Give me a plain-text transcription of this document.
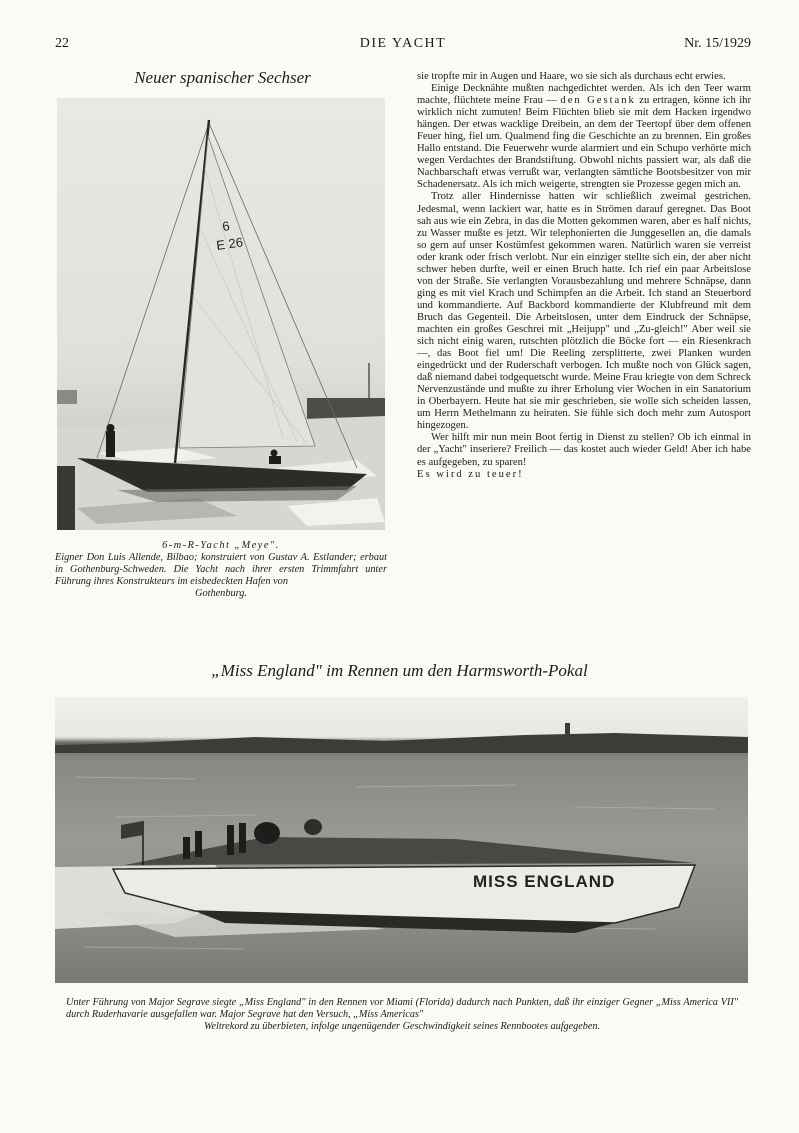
22	DIE YACHT	Nr. 15/1929
Neuer spanischer Sechser
6
E 26
6-m-R-Yacht „Meye".
Eigner Don Luis Allende, Bilbao; konstruiert von Gustav A. Estlander; erbaut in Gothenburg-Schweden. Die Yacht nach ihrer ersten Trimmfahrt unter Führung ihres Konstrukteurs im eisbedeckten Hafen von
Gothenburg.

sie tropfte mir in Augen und Haare, wo sie sich als durchaus echt erwies.

Einige Decknähte mußten nachgedichtet werden. Als ich den Teer warm machte, flüchtete meine Frau — den Gestank zu ertragen, könne ich ihr wirklich nicht zumuten! Beim Flüchten blieb sie mit dem Hacken irgendwo hängen. Der etwas wacklige Dreibein, an dem der Teertopf über dem offenen Feuer hing, fiel um. Qualmend fing die Geschichte an zu brennen. Ein großes Hallo entstand. Die Feuerwehr wurde alarmiert und ein Schupo verhörte mich wegen Verdachtes der Brandstiftung. Obwohl nichts passiert war, als daß die Nachbarschaft etwas verrußt war, verlangten sämtliche Bootsbesitzer von mir Schadenersatz. Als ich mich weigerte, strengten sie Prozesse gegen mich an.

Trotz aller Hindernisse hatten wir schließlich zweimal gestrichen. Jedesmal, wenn lackiert war, hatte es in Strömen darauf geregnet. Das Boot sah aus wie ein Zebra, in das die Motten gekommen waren, aber es half nichts, zu Wasser mußte es jetzt. Wir telephonierten die Junggesellen an, die damals so gern auf unser Kostümfest gekommen waren. Natürlich waren sie verreist oder krank oder frisch verlobt. Nur ein einziger stellte sich ein, der aber nicht schwer heben durfte, weil er einen Bruch hatte. Ich rief ein paar Arbeitslose von der Straße. Sie verlangten Vorausbezahlung und mehrere Schnäpse, dann ging es mit viel Krach und Schimpfen an die Arbeit. Ich stand an Steuerbord und kommandierte. Auf Backbord kommandierte der Klubfreund mit dem Bruch das Gegenteil. Die Arbeitslosen, unter dem Eindruck der Schnäpse, machten ein großes Geschrei mit „Heijupp" und „Zu-gleich!" Aber weil sie sich nicht einig waren, rutschten plötzlich die Böcke fort — ein Riesenkrach —, das Boot fiel um! Die Reeling zersplitterte, zwei Planken wurden eingedrückt und der Ruderschaft verbogen. Ich mußte noch von Glück sagen, daß niemand dabei todgequetscht wurde. Meine Frau kriegte von dem Schreck Nervenzustände und mußte zu ihrer Erholung vier Wochen in ein Sanatorium in Oberbayern. Heute hat sie mir geschrieben, sie wolle sich scheiden lassen, um Herrn Methelmann zu heiraten. Sie fühle sich doch mehr zum Autosport hingezogen.

Wer hilft mir nun mein Boot fertig in Dienst zu stellen? Ob ich einmal in der „Yacht" inseriere? Freilich — das kostet auch wieder Geld! Aber ich habe es aufgegeben, zu sparen!

Es wird zu teuer!

„Miss England" im Rennen um den Harmsworth-Pokal
MISS ENGLAND
Unter Führung von Major Segrave siegte „Miss England" in den Rennen vor Miami (Florida) dadurch nach Punkten, daß ihr einziger Gegner „Miss America VII" durch Ruderhavarie ausgefallen war. Major Segrave hat den Versuch, „Miss Americas"
Weltrekord zu überbieten, infolge ungenügender Geschwindigkeit seines Rennbootes aufgegeben.
